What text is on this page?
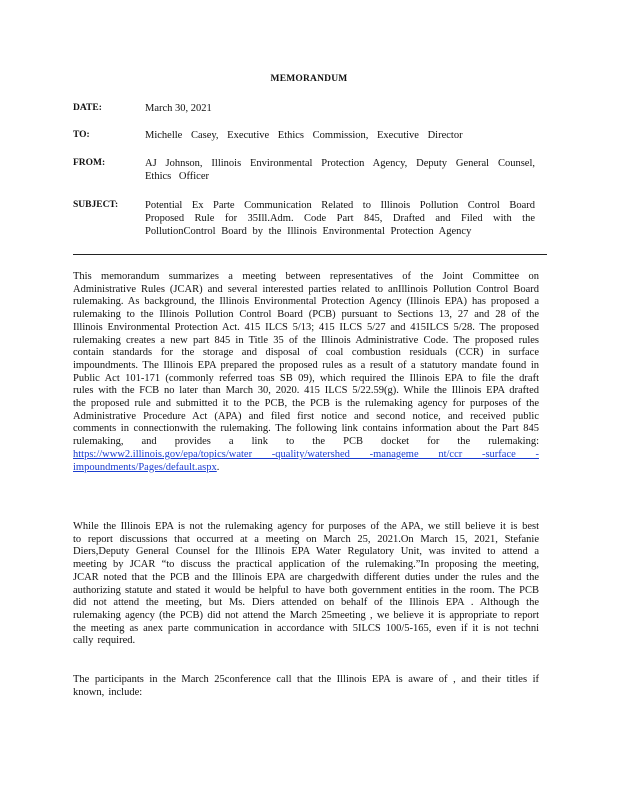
MEMORANDUM
DATE:	March 30, 2021
TO:	Michelle Casey, Executive Ethics Commission, Executive Director
FROM:	AJ Johnson, Illinois Environmental Protection Agency, Deputy General Counsel, Ethics Officer
SUBJECT:	Potential Ex Parte Communication Related to Illinois Pollution Control Board Proposed Rule for 35Ill.Adm. Code Part 845, Drafted and Filed with the PollutionControl Board by the Illinois Environmental Protection Agency
This memorandum summarizes a meeting between representatives of the Joint Committee on Administrative Rules (JCAR) and several interested parties related to anIllinois Pollution Control Board rulemaking. As background, the Illinois Environmental Protection Agency (Illinois EPA) has proposed a rulemaking to the Illinois Pollution Control Board (PCB) pursuant to Sections 13, 27 and 28 of the Illinois Environmental Protection Act. 415 ILCS 5/13; 415 ILCS 5/27 and 415ILCS 5/28. The proposed rulemaking creates a new part 845 in Title 35 of the Illinois Administrative Code. The proposed rules contain standards for the storage and disposal of coal combustion residuals (CCR) in surface impoundments. The Illinois EPA prepared the proposed rules as a result of a statutory mandate found in Public Act 101-171 (commonly referred toas SB 09), which required the Illinois EPA to file the draft rules with the FCB no later than March 30, 2020. 415 ILCS 5/22.59(g). While the Illinois EPA drafted the proposed rule and submitted it to the PCB, the PCB is the rulemaking agency for purposes of the Administrative Procedure Act (APA) and filed first notice and second notice, and received public comments in connectionwith the rulemaking. The following link contains information about the Part 845 rulemaking, and provides a link to the PCB docket for the rulemaking: https://www2.illinois.gov/epa/topics/water -quality/watershed -manageme nt/ccr -surface -impoundments/Pages/default.aspx.
While the Illinois EPA is not the rulemaking agency for purposes of the APA, we still believe it is best to report discussions that occurred at a meeting on March 25, 2021.On March 15, 2021, Stefanie Diers,Deputy General Counsel for the Illinois EPA Water Regulatory Unit, was invited to attend a meeting by JCAR “to discuss the practical application of the rulemaking.”In proposing the meeting, JCAR noted that the PCB and the Illinois EPA are chargedwith different duties under the rules and the authorizing statute and stated it would be helpful to have both government entities in the room. The PCB did not attend the meeting, but Ms. Diers attended on behalf of the Illinois EPA . Although the rulemaking agency (the PCB) did not attend the March 25meeting , we believe it is appropriate to report the meeting as anex parte communication in accordance with 5ILCS 100/5-165, even if it is not techni cally required.
The participants in the March 25conference call that the Illinois EPA is aware of , and their titles if known, include:
